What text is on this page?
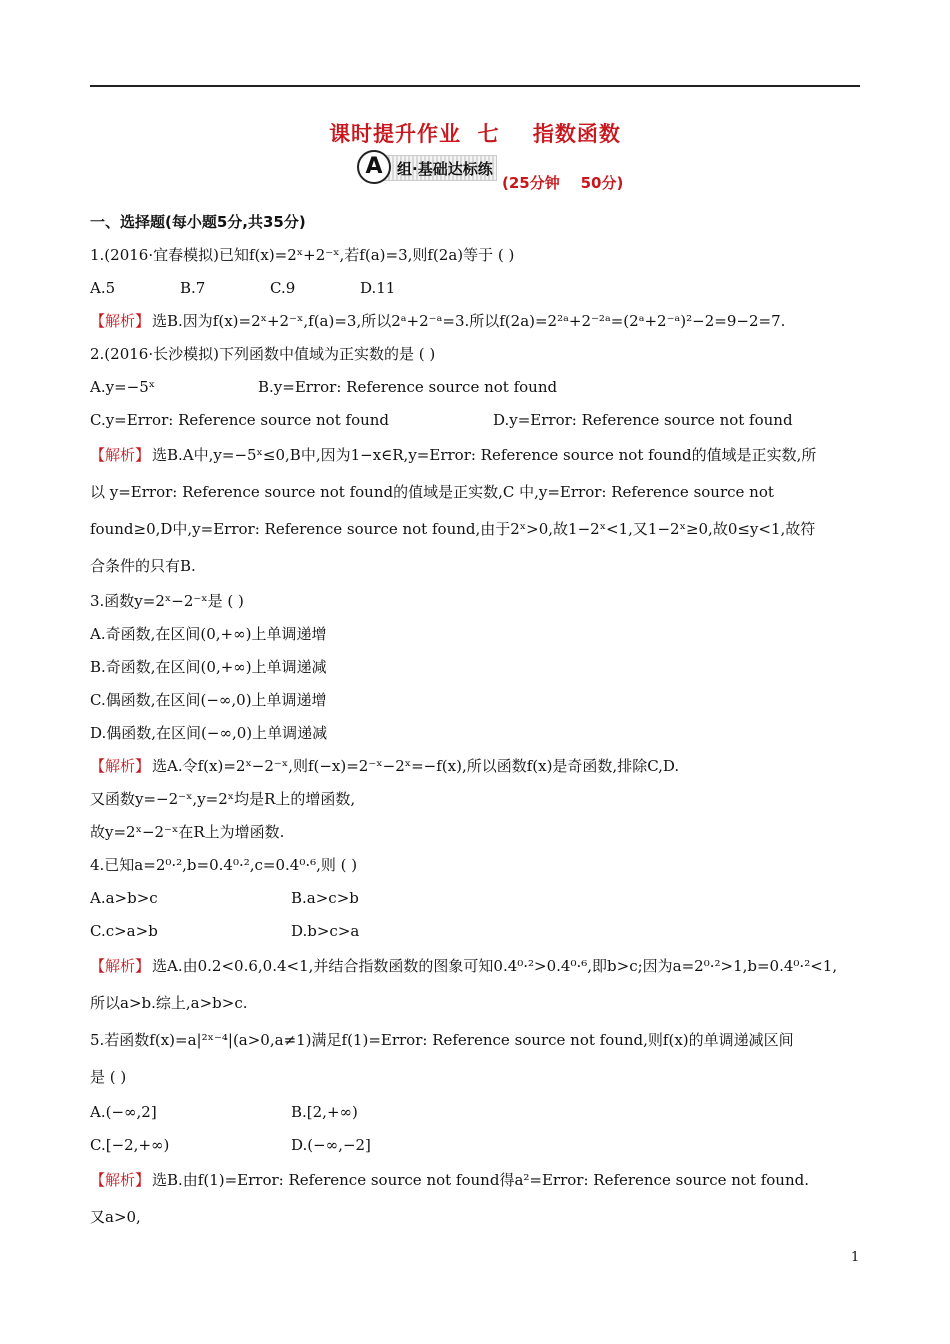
课时提升作业  七    指数函数
A 组·基础达标练
(25分钟    50分)
一、选择题(每小题5分,共35分)
1.(2016·宜春模拟)已知f(x)=2ˣ+2⁻ˣ,若f(a)=3,则f(2a)等于 ( )
A.5	B.7	C.9	D.11
【解析】 选B.因为f(x)=2ˣ+2⁻ˣ,f(a)=3,所以2ᵃ+2⁻ᵃ=3.所以f(2a)=2²ᵃ+2⁻²ᵃ=(2ᵃ+2⁻ᵃ)²−2=9−2=7.
2.(2016·长沙模拟)下列函数中值域为正实数的是 ( )
A.y=−5ˣ	B.y=Error: Reference source not found
C.y=Error: Reference source not found	D.y=Error: Reference source not found
【解析】 选B.A中,y=−5ˣ≤0,B中,因为1−x∈R,y=Error: Reference source not found的值域是正实数,所
以 y=Error: Reference source not found的值域是正实数,C 中,y=Error: Reference source not
found≥0,D中,y=Error: Reference source not found,由于2ˣ>0,故1−2ˣ<1,又1−2ˣ≥0,故0≤y<1,故符
合条件的只有B.
3.函数y=2ˣ−2⁻ˣ是 ( )
A.奇函数,在区间(0,+∞)上单调递增
B.奇函数,在区间(0,+∞)上单调递减
C.偶函数,在区间(−∞,0)上单调递增
D.偶函数,在区间(−∞,0)上单调递减
【解析】 选A.令f(x)=2ˣ−2⁻ˣ,则f(−x)=2⁻ˣ−2ˣ=−f(x),所以函数f(x)是奇函数,排除C,D.
又函数y=−2⁻ˣ,y=2ˣ均是R上的增函数,
故y=2ˣ−2⁻ˣ在R上为增函数.
4.已知a=2⁰·²,b=0.4⁰·²,c=0.4⁰·⁶,则 ( )
A.a>b>c	B.a>c>b
C.c>a>b	D.b>c>a
【解析】 选A.由0.2<0.6,0.4<1,并结合指数函数的图象可知0.4⁰·²>0.4⁰·⁶,即b>c;因为a=2⁰·²>1,b=0.4⁰·²<1,
所以a>b.综上,a>b>c.
5.若函数f(x)=a|²ˣ⁻⁴|(a>0,a≠1)满足f(1)=Error: Reference source not found,则f(x)的单调递减区间
是 ( )
A.(−∞,2]	B.[2,+∞)
C.[−2,+∞)	D.(−∞,−2]
【解析】 选B.由f(1)=Error: Reference source not found得a²=Error: Reference source not found.
又a>0,
1
